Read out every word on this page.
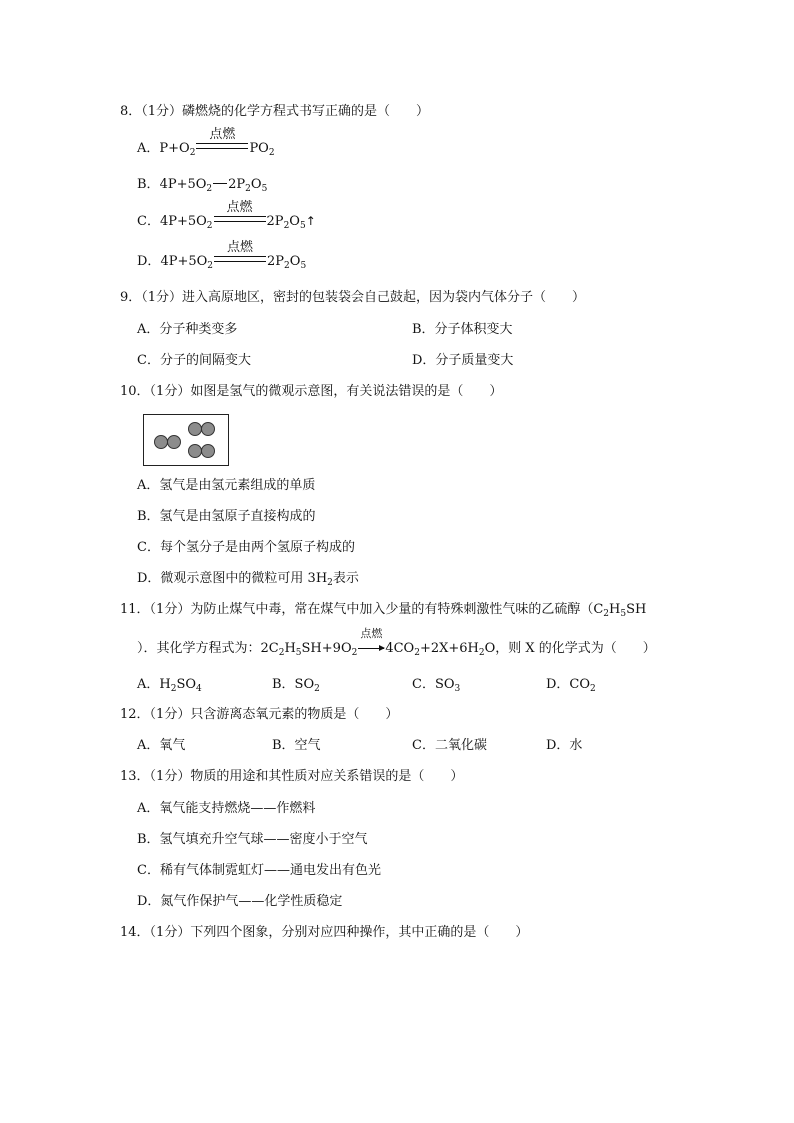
8．（1分）磷燃烧的化学方程式书写正确的是（　　）
A．$P+O_2$
点燃
$PO_2$
B．$4P+5O_2$ $2P_2O_5$
C．$4P+5O_2$
点燃
$2P_2O_5↑$
D．$4P+5O_2$
点燃
$2P_2O_5$
9．（1分）进入高原地区，密封的包装袋会自己鼓起，因为袋内气体分子（　　）
A．分子种类变多	B．分子体积变大
C．分子的间隔变大	D．分子质量变大
10．（1分）如图是氢气的微观示意图，有关说法错误的是（　　）
A．氢气是由氢元素组成的单质
B．氢气是由氢原子直接构成的
C．每个氢分子是由两个氢原子构成的
D．微观示意图中的微粒可用 $3H_2$表示
11．（1分）为防止煤气中毒，常在煤气中加入少量的有特殊刺激性气味的乙硫醇（$C_2H_5SH$
）．其化学方程式为：$2C_2H_5SH+9O_2$
点燃
$4CO_2+2X+6H_2O$，则 X 的化学式为（　　）
A．$H_2SO_4$	B．$SO_2$	C．$SO_3$	D．$CO_2$
12．（1分）只含游离态氧元素的物质是（　　）
A．氧气	B．空气	C．二氧化碳	D．水
13．（1分）物质的用途和其性质对应关系错误的是（　　）
A．氧气能支持燃烧——作燃料
B．氢气填充升空气球——密度小于空气
C．稀有气体制霓虹灯——通电发出有色光
D．氮气作保护气——化学性质稳定
14．（1分）下列四个图象，分别对应四种操作，其中正确的是（　　）
